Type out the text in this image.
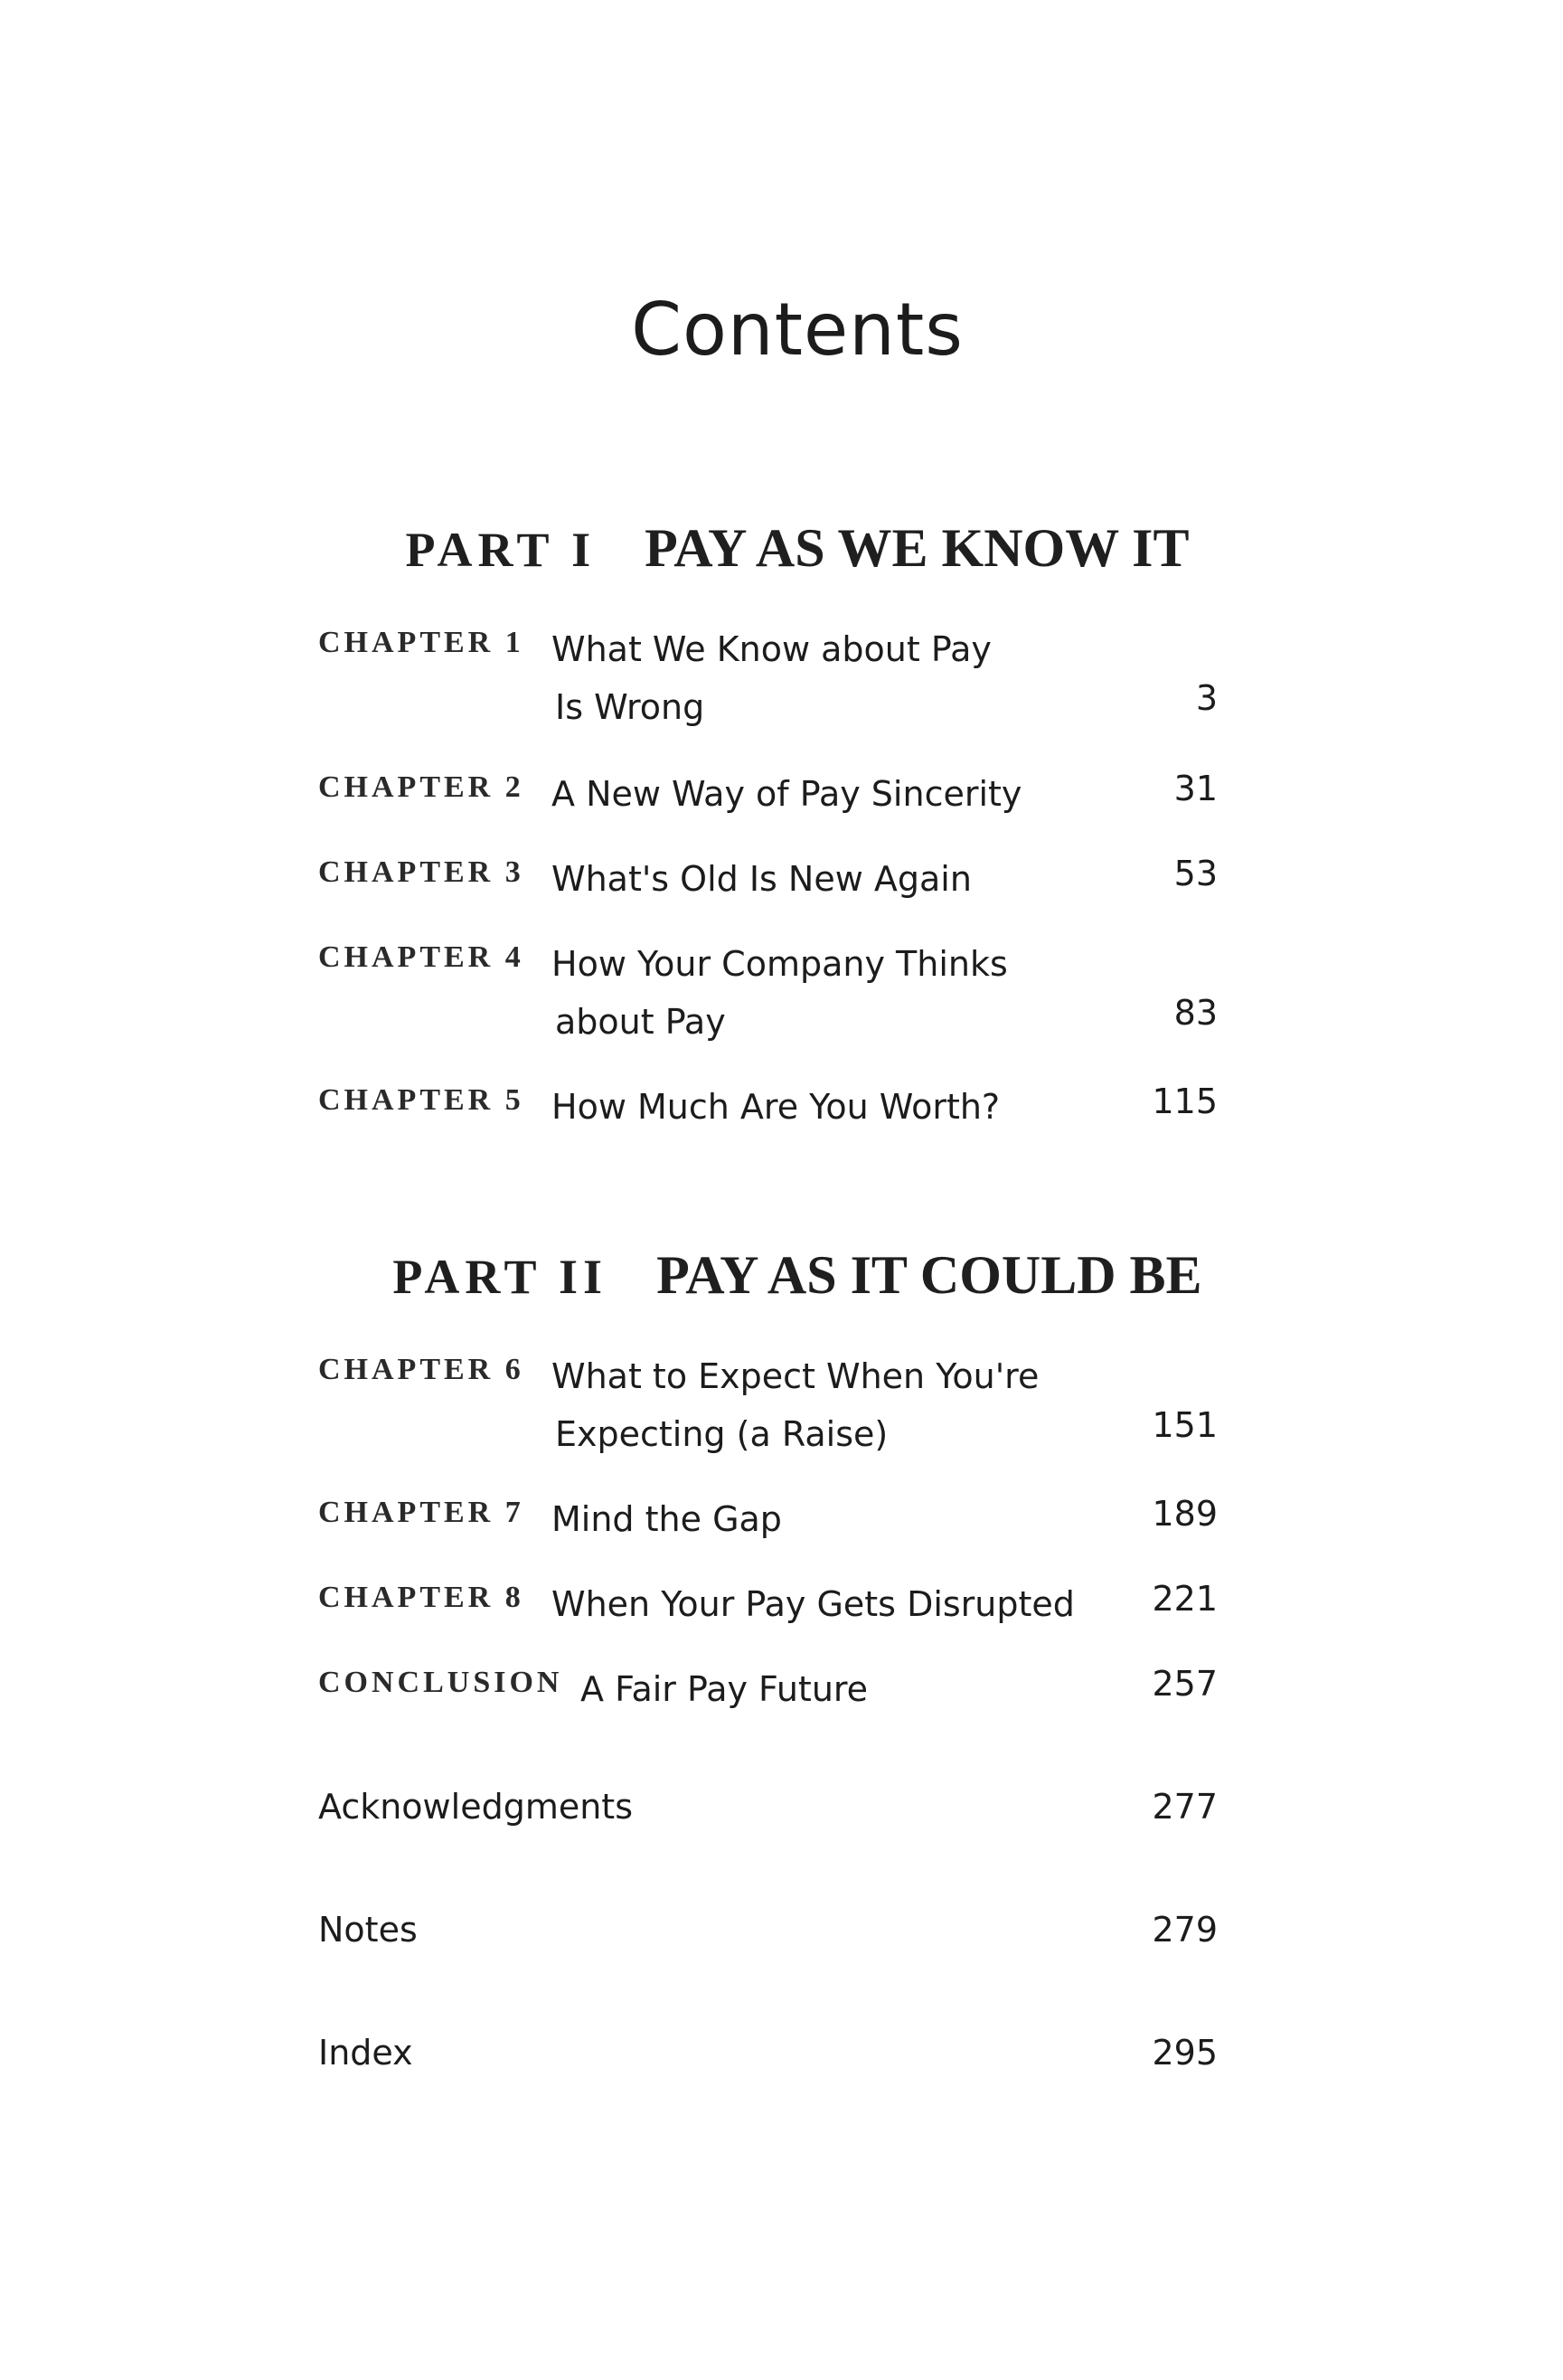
Contents
PART I PAY AS WE KNOW IT
CHAPTER 1 What We Know about Pay
Is Wrong	3
CHAPTER 2 A New Way of Pay Sincerity	31
CHAPTER 3 What's Old Is New Again	53
CHAPTER 4 How Your Company Thinks
about Pay	83
CHAPTER 5 How Much Are You Worth?	115
PART II PAY AS IT COULD BE
CHAPTER 6 What to Expect When You're
Expecting (a Raise)	151
CHAPTER 7 Mind the Gap	189
CHAPTER 8 When Your Pay Gets Disrupted	221
CONCLUSION A Fair Pay Future	257
Acknowledgments	277
Notes	279
Index	295
